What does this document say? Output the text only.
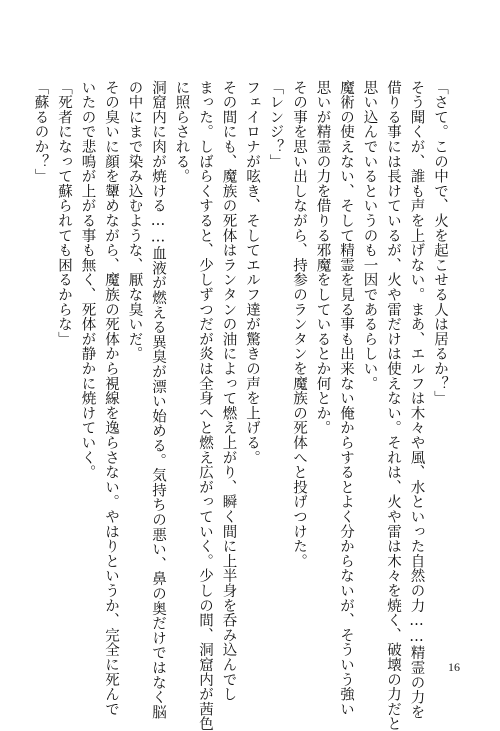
「さて。この中で、火を起こせる人は居るか？」

そう聞くが、誰も声を上げない。まあ、エルフは木々や風、水といった自然の力……精霊の力を

借りる事には長けているが、火や雷だけは使えない。それは、火や雷は木々を焼く、破壊の力だと

思い込んでいるというのも一因であるらしい。

魔術の使えない、そして精霊を見る事も出来ない俺からするとよく分からないが、そういう強い

思いが精霊の力を借りる邪魔をしているとか何とか。

その事を思い出しながら、持参のランタンを魔族の死体へと投げつけた。

「レンジ？」

フェイロナが呟き、そしてエルフ達が驚きの声を上げる。

その間にも、魔族の死体はランタンの油によって燃え上がり、瞬く間に上半身を呑み込んでし

まった。しばらくすると、少しずつだが炎は全身へと燃え広がっていく。少しの間、洞窟内が茜色

に照らされる。

洞窟内に肉が焼ける……血液が燃える異臭が漂い始める。気持ちの悪い、鼻の奥だけではなく脳

の中にまで染み込むような、厭な臭いだ。

その臭いに顔を顰めながら、魔族の死体から視線を逸らさない。やはりというか、完全に死んで

いたので悲鳴が上がる事も無く、死体が静かに焼けていく。

「死者になって蘇られても困るからな」

「蘇るのか？」

16
